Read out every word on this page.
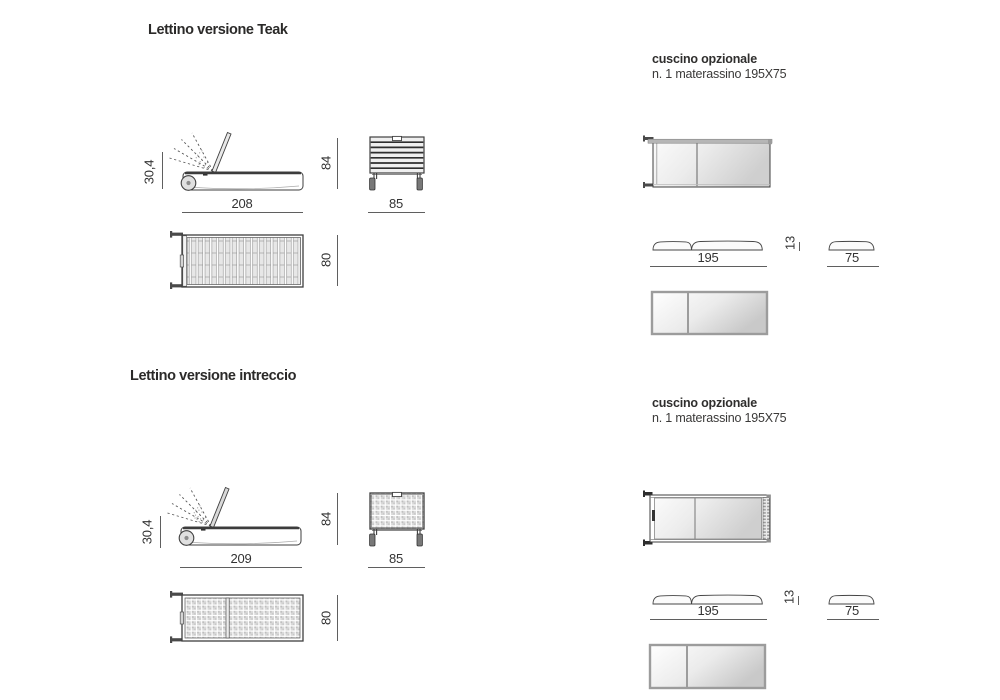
Lettino versione Teak
30,4
208
84
85
80
cuscino opzionale
n. 1 materassino 195X75
195
13
75
Lettino versione intreccio
30,4
209
84
85
80
cuscino opzionale
n. 1 materassino 195X75
195
13
75
